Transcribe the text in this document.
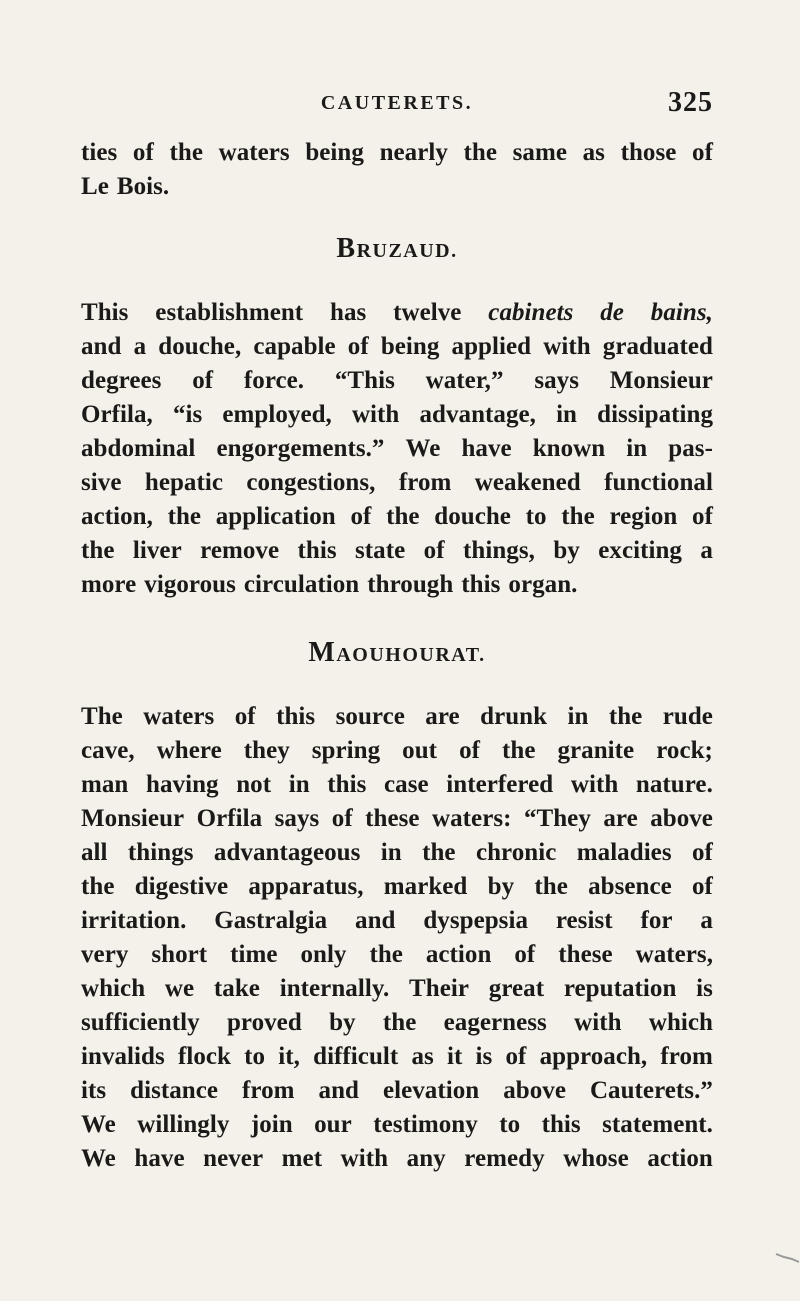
CAUTERETS.	325
ties of the waters being nearly the same as those of
Le Bois.
BRUZAUD.
This establishment has twelve cabinets de bains,
and a douche, capable of being applied with graduated
degrees of force. “This water,” says Monsieur
Orfila, “is employed, with advantage, in dissipating
abdominal engorgements.” We have known in pas-
sive hepatic congestions, from weakened functional
action, the application of the douche to the region of
the liver remove this state of things, by exciting a
more vigorous circulation through this organ.
MAOUHOURAT.
The waters of this source are drunk in the rude
cave, where they spring out of the granite rock;
man having not in this case interfered with nature.
Monsieur Orfila says of these waters: “They are above
all things advantageous in the chronic maladies of
the digestive apparatus, marked by the absence of
irritation. Gastralgia and dyspepsia resist for a
very short time only the action of these waters,
which we take internally. Their great reputation is
sufficiently proved by the eagerness with which
invalids flock to it, difficult as it is of approach, from
its distance from and elevation above Cauterets.”
We willingly join our testimony to this statement.
We have never met with any remedy whose action
